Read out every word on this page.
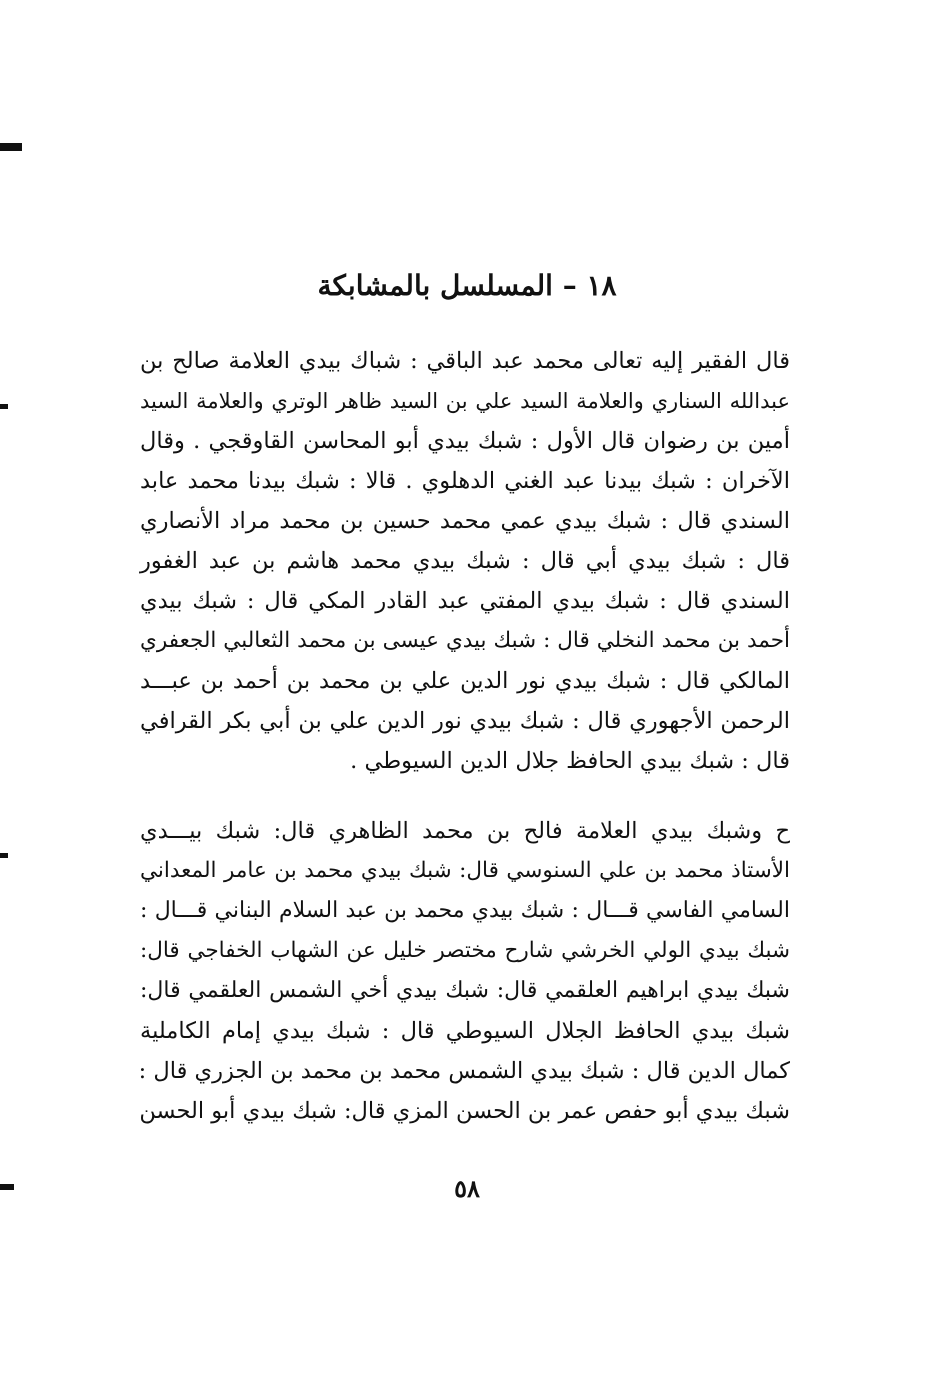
١٨ – المسلسل بالمشابكة
قال الفقير إليه تعالى محمد عبد الباقي : شباك بيدي العلامة صالح بن
عبدالله السناري والعلامة السيد علي بن السيد ظاهر الوتري والعلامة السيد
أمين بن رضوان قال الأول : شبك بيدي أبو المحاسن القاوقجي . وقال
الآخران : شبك بيدنا عبد الغني الدهلوي . قالا : شبك بيدنا محمد عابد
السندي قال : شبك بيدي عمي محمد حسين بن محمد مراد الأنصاري
قال : شبك بيدي أبي قال : شبك بيدي محمد هاشم بن عبد الغفور
السندي قال : شبك بيدي المفتي عبد القادر المكي قال : شبك بيدي
أحمد بن محمد النخلي قال : شبك بيدي عيسى بن محمد الثعالبي الجعفري
المالكي قال : شبك بيدي نور الدين علي بن محمد بن أحمد بن عبـــد
الرحمن الأجهوري قال : شبك بيدي نور الدين علي بن أبي بكر القرافي
قال : شبك بيدي الحافظ جلال الدين السيوطي .
ح وشبك بيدي العلامة فالح بن محمد الظاهري قال: شبك بيـــدي
الأستاذ محمد بن علي السنوسي قال: شبك بيدي محمد بن عامر المعداني
السامي الفاسي قـــال : شبك بيدي محمد بن عبد السلام البناني قـــال :
شبك بيدي الولي الخرشي شارح مختصر خليل عن الشهاب الخفاجي قال:
شبك بيدي ابراهيم العلقمي قال: شبك بيدي أخي الشمس العلقمي قال:
شبك بيدي الحافظ الجلال السيوطي قال : شبك بيدي إمام الكاملية
كمال الدين قال : شبك بيدي الشمس محمد بن محمد بن الجزري قال :
شبك بيدي أبو حفص عمر بن الحسن المزي قال: شبك بيدي أبو الحسن
٥٨
